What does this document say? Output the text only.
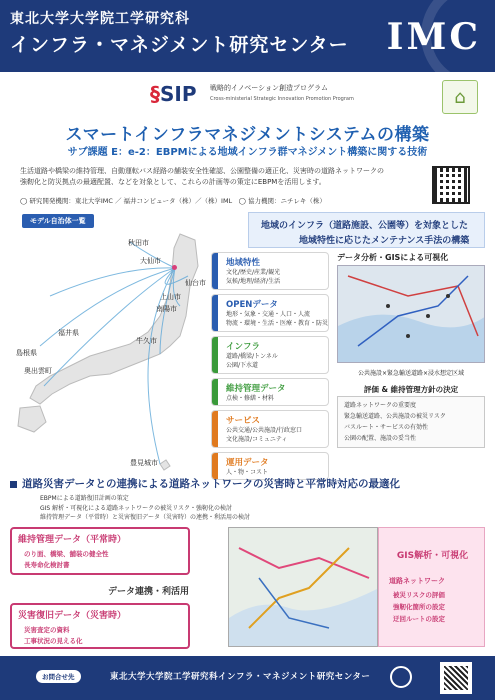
東北大学大学院工学研究科
インフラ・マネジメント研究センター IMC
§SIP 戦略的イノベーション創造プログラム
Cross-ministerial Strategic Innovation Promotion Program	⌂
スマートインフラマネジメントシステムの構築
サブ課題 E：e-2：EBPMによる地域インフラ群マネジメント構築に関する技術
生活道路や橋梁の維持管理、自動運転バス経路の舗装安全性確認、公園整備の適正化、災害時の道路ネットワークの
強靭化と防災拠点の最適配置、などを対象として、これらの計画等の策定にEBPMを活用します。
◯ 研究開発機関：東北大学IMC ／ 福井コンピュータ（株）／（株）IML　◯ 協力機関：ニチレキ（株）
モデル自治体一覧
秋田市
大仙市
仙台市
上山市
南陽市
牛久市
福井県
島根県
奥出雲町
豊見城市
地域のインフラ（道路施設、公園等）を対象とした
地域特性に応じたメンテナンス手法の構築
地域特性
文化/歴史/産業/観光
気候/地理/経済/生活
OPENデータ
地形・気象・交通・人口・人流
物流・環境・生活・医療・教育・防災
インフラ
道路/橋梁/トンネル
公園/下水道
維持管理データ
点検・修繕・材料
サービス
公共交通/公共施設/行政窓口
文化施設/コミュニティ
運用データ
人・物・コスト
データ分析・GISによる可視化
公共施設×緊急輸送道路×浸水想定区域
評価 & 維持管理方針の決定
道路ネットワークの重要度
緊急輸送道路、公共施設の被災リスク
バスルート・サービスの有効性
公園の配置、施設の妥当性
道路災害データとの連携による道路ネットワークの災害時と平常時対応の最適化
EBPMによる道路復旧計画の策定
GIS 解析・可視化による道路ネットワークの被災リスク・強靭化の検討
維持管理データ（平常時）と災害復旧データ（災害時）の連携・利活用の検討
維持管理データ（平常時）
のり面、橋梁、舗装の健全性
長寿命化検討書
データ連携・利活用
災害復旧データ（災害時）
災害査定の資料
工事状況の見える化
GIS解析・可視化
道路ネットワーク
被災リスクの評価
強靭化箇所の設定
迂回ルートの設定
お問合せ先	東北大学大学院工学研究科インフラ・マネジメント研究センター
